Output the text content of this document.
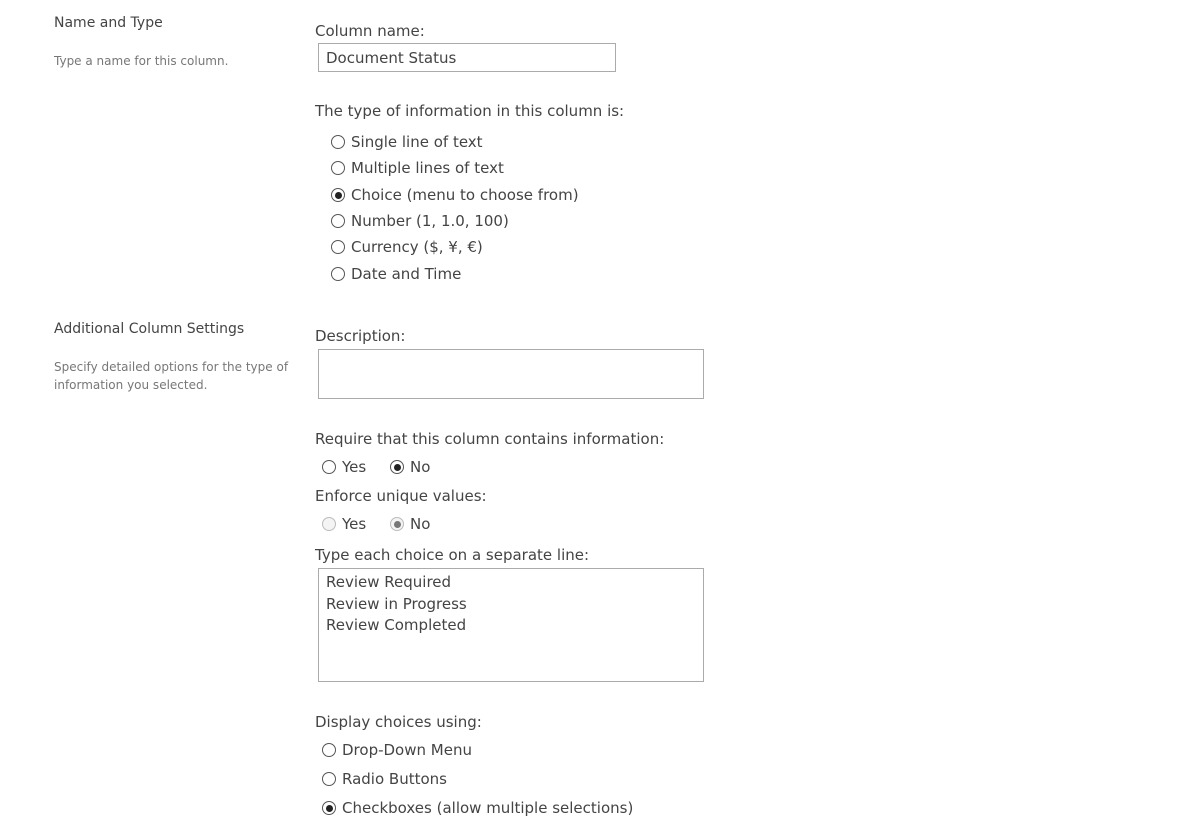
Name and Type
Type a name for this column.
Column name:
Document Status
The type of information in this column is:
Single line of text
Multiple lines of text
Choice (menu to choose from)
Number (1, 1.0, 100)
Currency ($, ¥, €)
Date and Time
Additional Column Settings
Specify detailed options for the type of information you selected.
Description:
Require that this column contains information:
Yes	No
Enforce unique values:
Yes	No
Type each choice on a separate line:
Review Required Review in Progress Review Completed
Display choices using:
Drop-Down Menu
Radio Buttons
Checkboxes (allow multiple selections)
